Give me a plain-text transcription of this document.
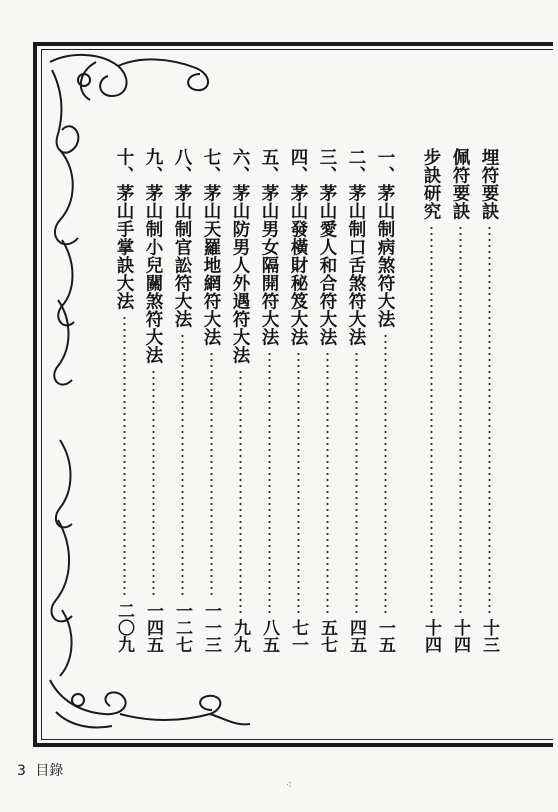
埋符要訣
十三
佩符要訣
十四
步訣研究
十四
一、茅山制病煞符大法
一五
二、茅山制口舌煞符大法
四五
三、茅山愛人和合符大法
五七
四、茅山發橫財秘笈大法
七一
五、茅山男女隔開符大法
八五
六、茅山防男人外遇符大法
九九
七、茅山天羅地網符大法
一一三
八、茅山制官訟符大法
一二七
九、茅山制小兒關煞符大法
一四五
十、茅山手掌訣大法
二〇九
3 目錄
⁖
